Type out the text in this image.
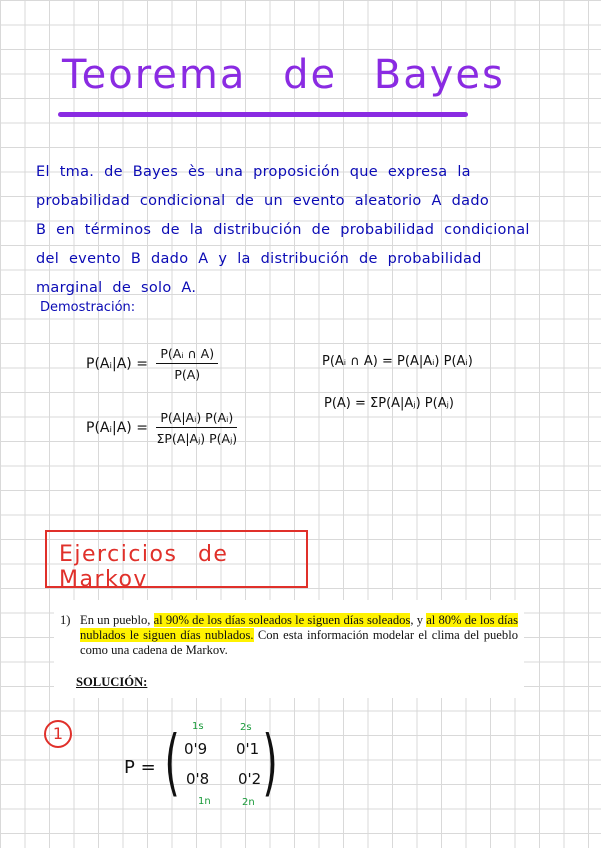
Teorema de Bayes
El tma. de Bayes ès una proposición que expresa la
probabilidad condicional de un evento aleatorio A dado
B en términos de la distribución de probabilidad condicional
del evento B dado A y la distribución de probabilidad
marginal de solo A.
Demostración:
P(Aᵢ|A) = $\frac{\text{P(Aᵢ ∩ A)}}{P(A)}$
P(Aᵢ|A) = $\frac{\text{P(A|Aᵢ) P(Aᵢ)}}{\text{ΣP(A|Aⱼ) P(Aⱼ)}}$
P(Aᵢ ∩ A) = P(A|Aᵢ) P(Aᵢ)
P(A) = ΣP(A|Aⱼ) P(Aⱼ)
Ejercicios de Markov
1) En un pueblo, al 90% de los días soleados le siguen días soleados, y al 80% de los días nublados le siguen días nublados. Con esta información modelar el clima del pueblo como una cadena de Markov.

SOLUCIÓN:
1
P = ( )
1s	2s
0'9 0'1
0'8 0'2
1n	2n
